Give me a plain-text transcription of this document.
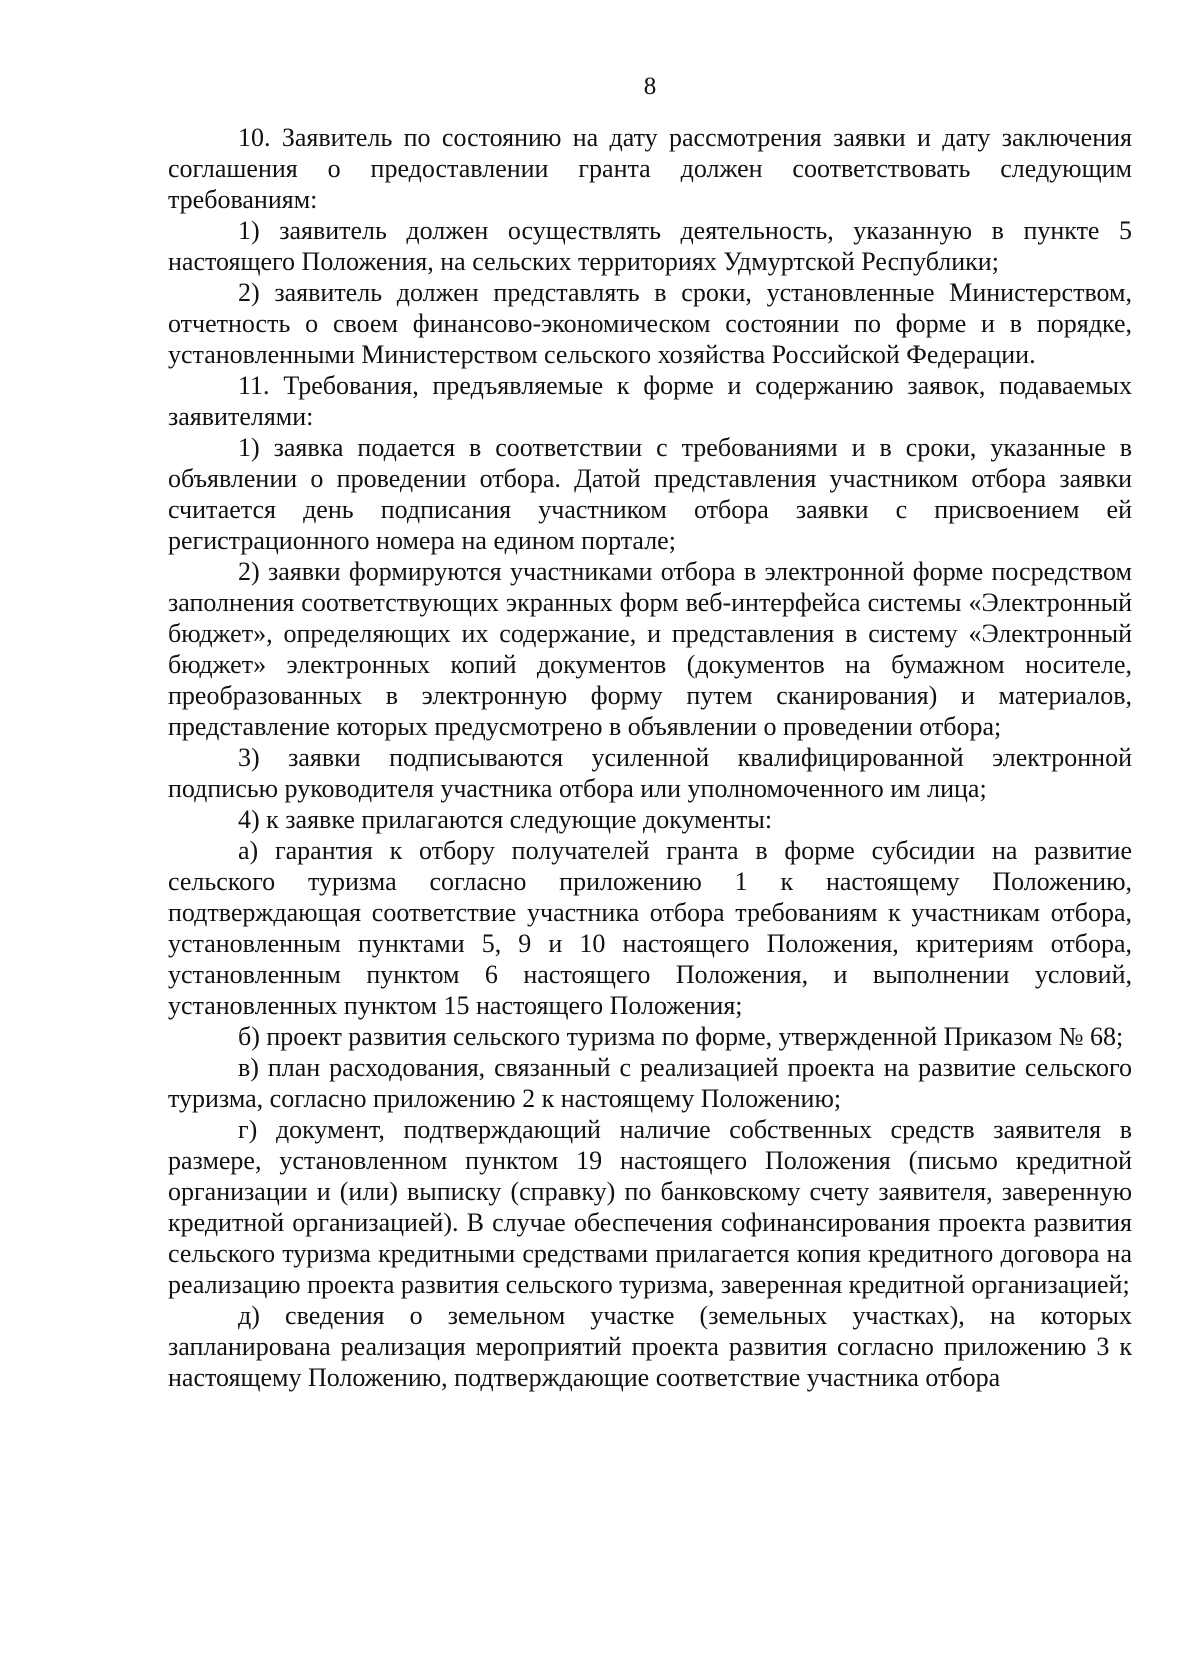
8

10. Заявитель по состоянию на дату рассмотрения заявки и дату заключения соглашения о предоставлении гранта должен соответствовать следующим требованиям:

1) заявитель должен осуществлять деятельность, указанную в пункте 5 настоящего Положения, на сельских территориях Удмуртской Республики;

2) заявитель должен представлять в сроки, установленные Министерством, отчетность о своем финансово-экономическом состоянии по форме и в порядке, установленными Министерством сельского хозяйства Российской Федерации.

11. Требования, предъявляемые к форме и содержанию заявок, подаваемых заявителями:

1) заявка подается в соответствии с требованиями и в сроки, указанные в объявлении о проведении отбора. Датой представления участником отбора заявки считается день подписания участником отбора заявки с присвоением ей регистрационного номера на едином портале;

2) заявки формируются участниками отбора в электронной форме посредством заполнения соответствующих экранных форм веб-интерфейса системы «Электронный бюджет», определяющих их содержание, и представления в систему «Электронный бюджет» электронных копий документов (документов на бумажном носителе, преобразованных в электронную форму путем сканирования) и материалов, представление которых предусмотрено в объявлении о проведении отбора;

3) заявки подписываются усиленной квалифицированной электронной подписью руководителя участника отбора или уполномоченного им лица;

4) к заявке прилагаются следующие документы:

а) гарантия к отбору получателей гранта в форме субсидии на развитие сельского туризма согласно приложению 1 к настоящему Положению, подтверждающая соответствие участника отбора требованиям к участникам отбора, установленным пунктами 5, 9 и 10 настоящего Положения, критериям отбора, установленным пунктом 6 настоящего Положения, и выполнении условий, установленных пунктом 15 настоящего Положения;

б) проект развития сельского туризма по форме, утвержденной Приказом № 68;

в) план расходования, связанный с реализацией проекта на развитие сельского туризма, согласно приложению 2 к настоящему Положению;

г) документ, подтверждающий наличие собственных средств заявителя в размере, установленном пунктом 19 настоящего Положения (письмо кредитной организации и (или) выписку (справку) по банковскому счету заявителя, заверенную кредитной организацией). В случае обеспечения софинансирования проекта развития сельского туризма кредитными средствами прилагается копия кредитного договора на реализацию проекта развития сельского туризма, заверенная кредитной организацией;

д) сведения о земельном участке (земельных участках), на которых запланирована реализация мероприятий проекта развития согласно приложению 3 к настоящему Положению, подтверждающие соответствие участника отбора
